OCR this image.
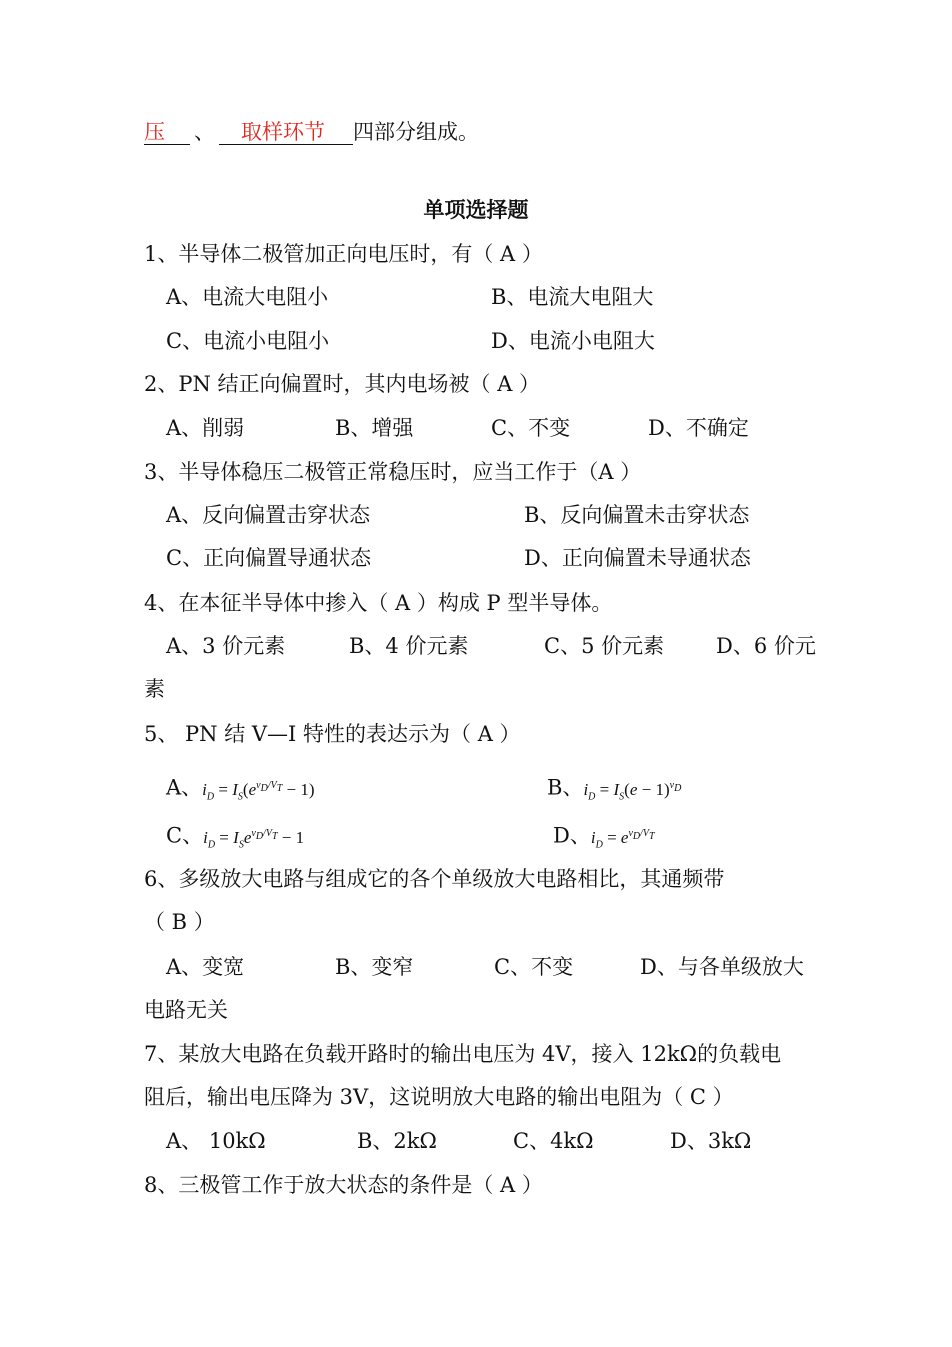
压 、 取样环节 四部分组成。
单项选择题
1、半导体二极管加正向电压时，有（ A ）
A、电流大电阻小	B、电流大电阻大
C、电流小电阻小	D、电流小电阻大
2、PN 结正向偏置时，其内电场被（ A ）
A、削弱	B、增强	C、不变	D、不确定
3、半导体稳压二极管正常稳压时，应当工作于（A ）
A、反向偏置击穿状态	B、反向偏置未击穿状态
C、正向偏置导通状态	D、正向偏置未导通状态
4、在本征半导体中掺入（ A ）构成 P 型半导体。
A、3 价元素	B、4 价元素	C、5 价元素 D、6 价元
素
5、 PN 结 V—I 特性的表达示为（ A ）
A、$i_D = I_S(e^{v_D/V_T} - 1)$	B、$i_D = I_S(e - 1)^{v_D}$
C、$i_D = I_Se^{v_D/V_T} - 1$	D、$i_D = e^{v_D/V_T}$
6、多级放大电路与组成它的各个单级放大电路相比，其通频带
（ B ）
A、变宽	B、变窄	C、不变	D、与各单级放大
电路无关
7、某放大电路在负载开路时的输出电压为 4V，接入 12kΩ的负载电
阻后，输出电压降为 3V，这说明放大电路的输出电阻为（ C ）
A、 10kΩ	B、2kΩ	C、4kΩ	D、3kΩ
8、三极管工作于放大状态的条件是（ A ）
